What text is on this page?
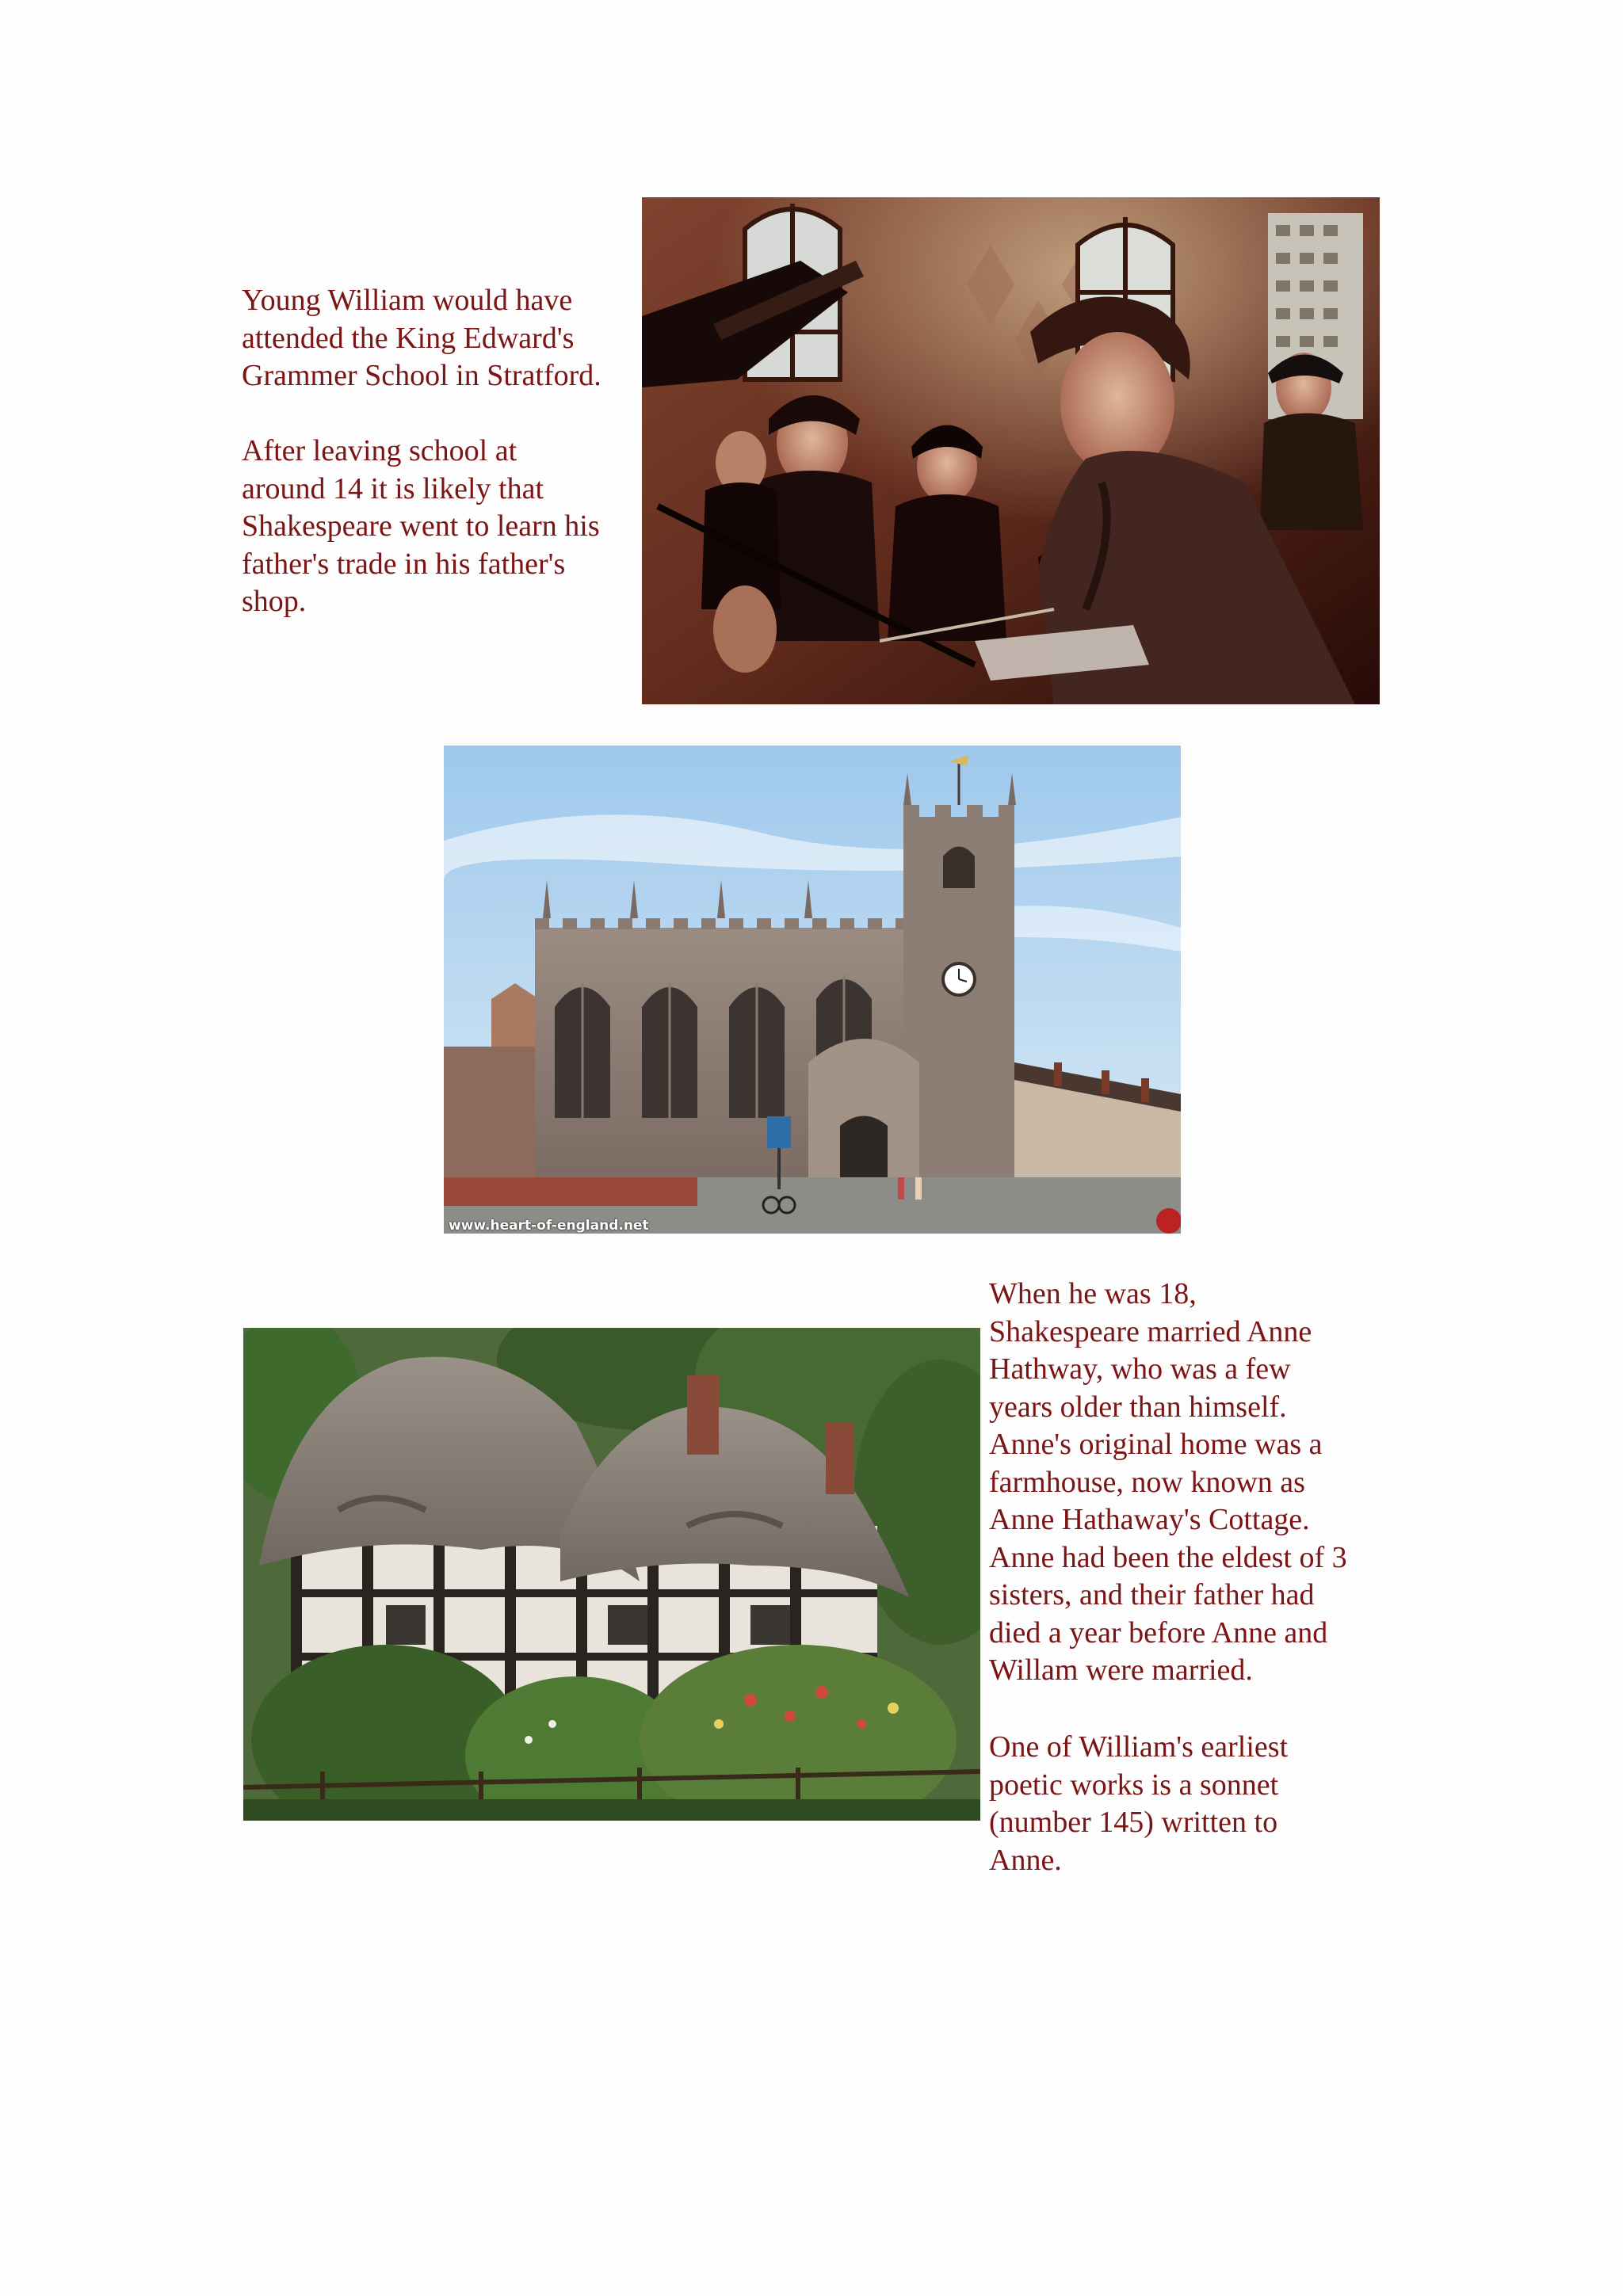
Young William would have
attended the King Edward's
Grammer School in Stratford.
After leaving school at
around 14 it is likely that
Shakespeare went to learn his
father's trade in his father's
shop.
www.heart-of-england.net
When he was 18,
Shakespeare married Anne
Hathway, who was a few
years older than himself.
Anne's original home was a
farmhouse, now known as
Anne Hathaway's Cottage.
Anne had been the eldest of 3
sisters, and their father had
died a year before Anne and
Willam were married.
One of William's earliest
poetic works is a sonnet
(number 145) written to
Anne.
